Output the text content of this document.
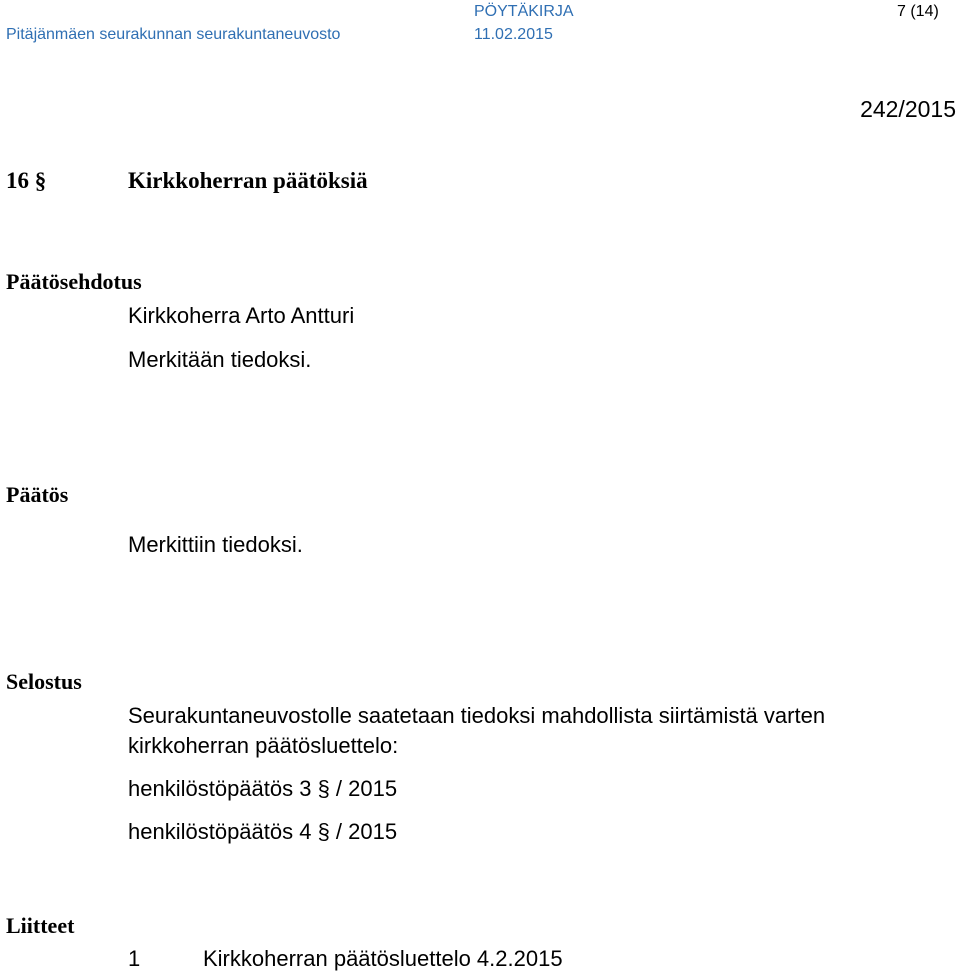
Pitäjänmäen seurakunnan seurakuntaneuvosto
PÖYTÄKIRJA
11.02.2015
7 (14)
242/2015
16 §	Kirkkoherran päätöksiä
Päätösehdotus
Kirkkoherra Arto Antturi
Merkitään tiedoksi.
Päätös
Merkittiin tiedoksi.
Selostus
Seurakuntaneuvostolle saatetaan tiedoksi mahdollista siirtämistä varten
kirkkoherran päätösluettelo:
henkilöstöpäätös 3 § / 2015
henkilöstöpäätös 4 § / 2015
Liitteet
1	Kirkkoherran päätösluettelo 4.2.2015
